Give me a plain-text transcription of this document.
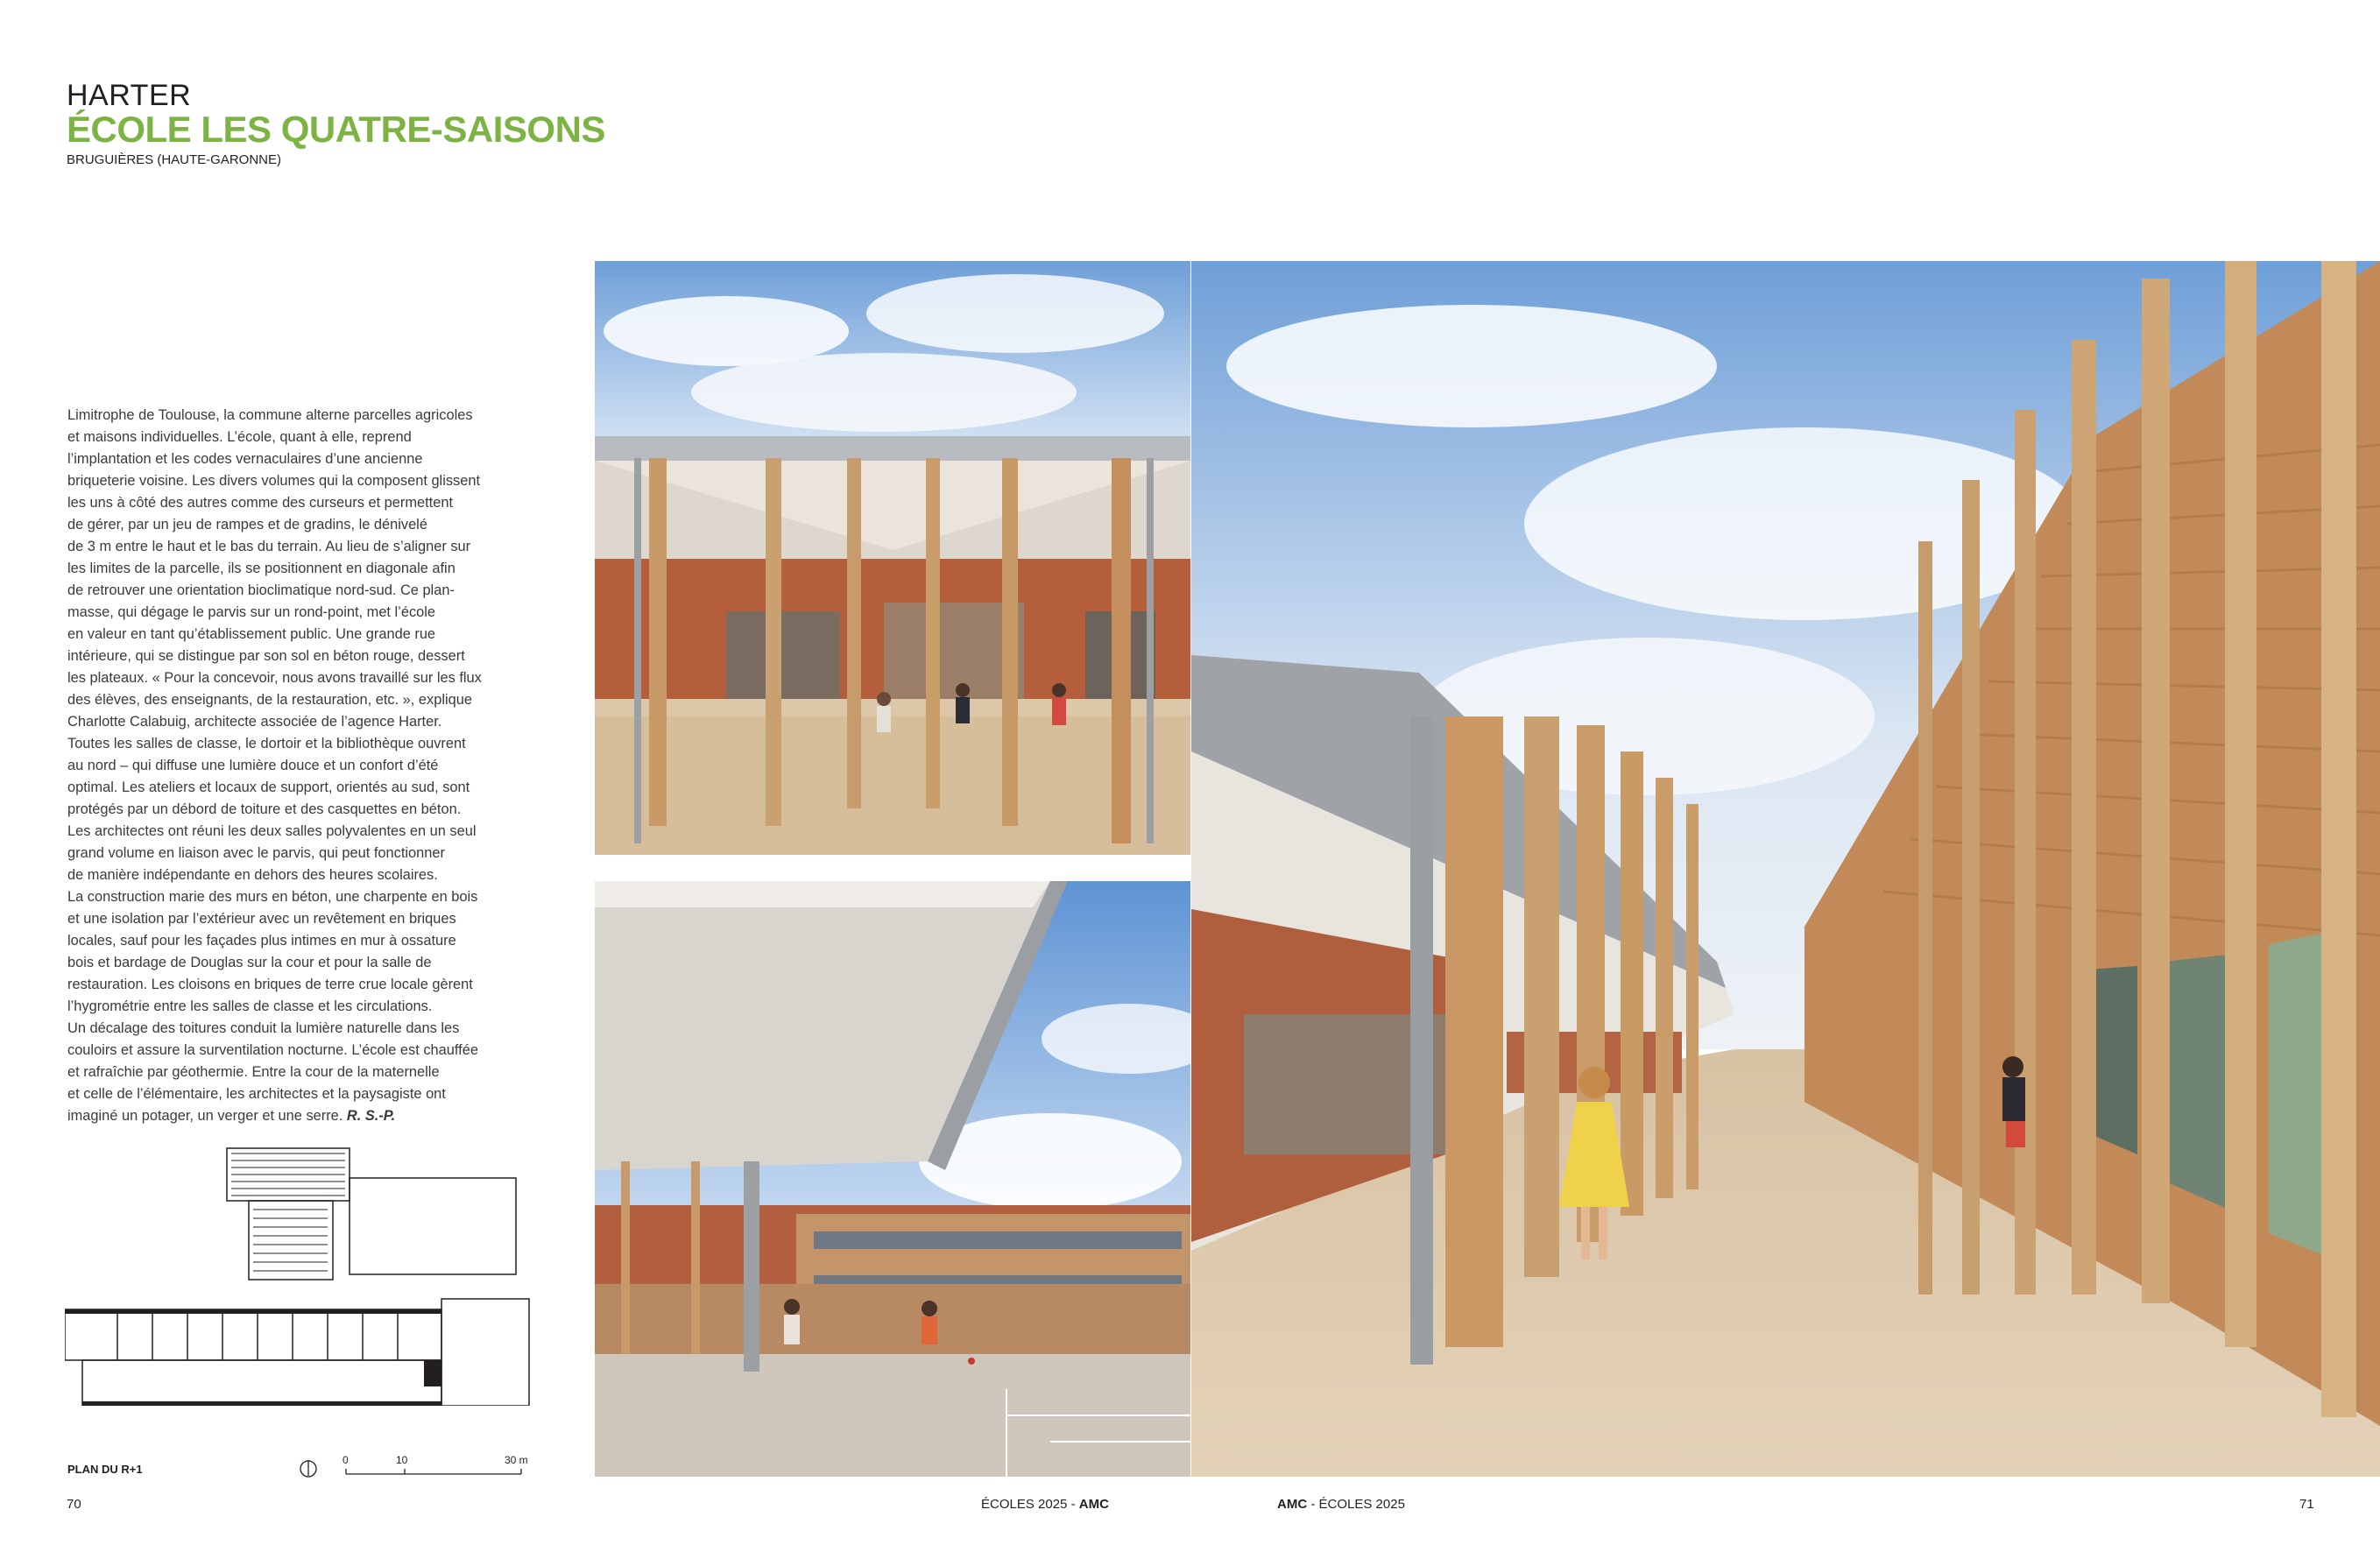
HARTER
ÉCOLE LES QUATRE-SAISONS
BRUGUIÈRES (HAUTE-GARONNE)

Limitrophe de Toulouse, la commune alterne parcelles agricoles

et maisons individuelles. L’école, quant à elle, reprend

l’implantation et les codes vernaculaires d’une ancienne

briqueterie voisine. Les divers volumes qui la composent glissent

les uns à côté des autres comme des curseurs et permettent

de gérer, par un jeu de rampes et de gradins, le dénivelé

de 3 m entre le haut et le bas du terrain. Au lieu de s’aligner sur

les limites de la parcelle, ils se positionnent en diagonale afin

de retrouver une orientation bioclimatique nord-sud. Ce plan-

masse, qui dégage le parvis sur un rond-point, met l’école

en valeur en tant qu’établissement public. Une grande rue

intérieure, qui se distingue par son sol en béton rouge, dessert

les plateaux. « Pour la concevoir, nous avons travaillé sur les flux

des élèves, des enseignants, de la restauration, etc. », explique

Charlotte Calabuig, architecte associée de l’agence Harter.

Toutes les salles de classe, le dortoir et la bibliothèque ouvrent

au nord – qui diffuse une lumière douce et un confort d’été

optimal. Les ateliers et locaux de support, orientés au sud, sont

protégés par un débord de toiture et des casquettes en béton.

Les architectes ont réuni les deux salles polyvalentes en un seul

grand volume en liaison avec le parvis, qui peut fonctionner

de manière indépendante en dehors des heures scolaires.

La construction marie des murs en béton, une charpente en bois

et une isolation par l’extérieur avec un revêtement en briques

locales, sauf pour les façades plus intimes en mur à ossature

bois et bardage de Douglas sur la cour et pour la salle de

restauration. Les cloisons en briques de terre crue locale gèrent

l’hygrométrie entre les salles de classe et les circulations.

Un décalage des toitures conduit la lumière naturelle dans les

couloirs et assure la surventilation nocturne. L’école est chauffée

et rafraîchie par géothermie. Entre la cour de la maternelle

et celle de l’élémentaire, les architectes et la paysagiste ont

imaginé un potager, un verger et une serre. R. S.-P.

PLAN DU R+1
0	10	30 m
70	ÉCOLES 2025 - AMC	AMC - ÉCOLES 2025	71
